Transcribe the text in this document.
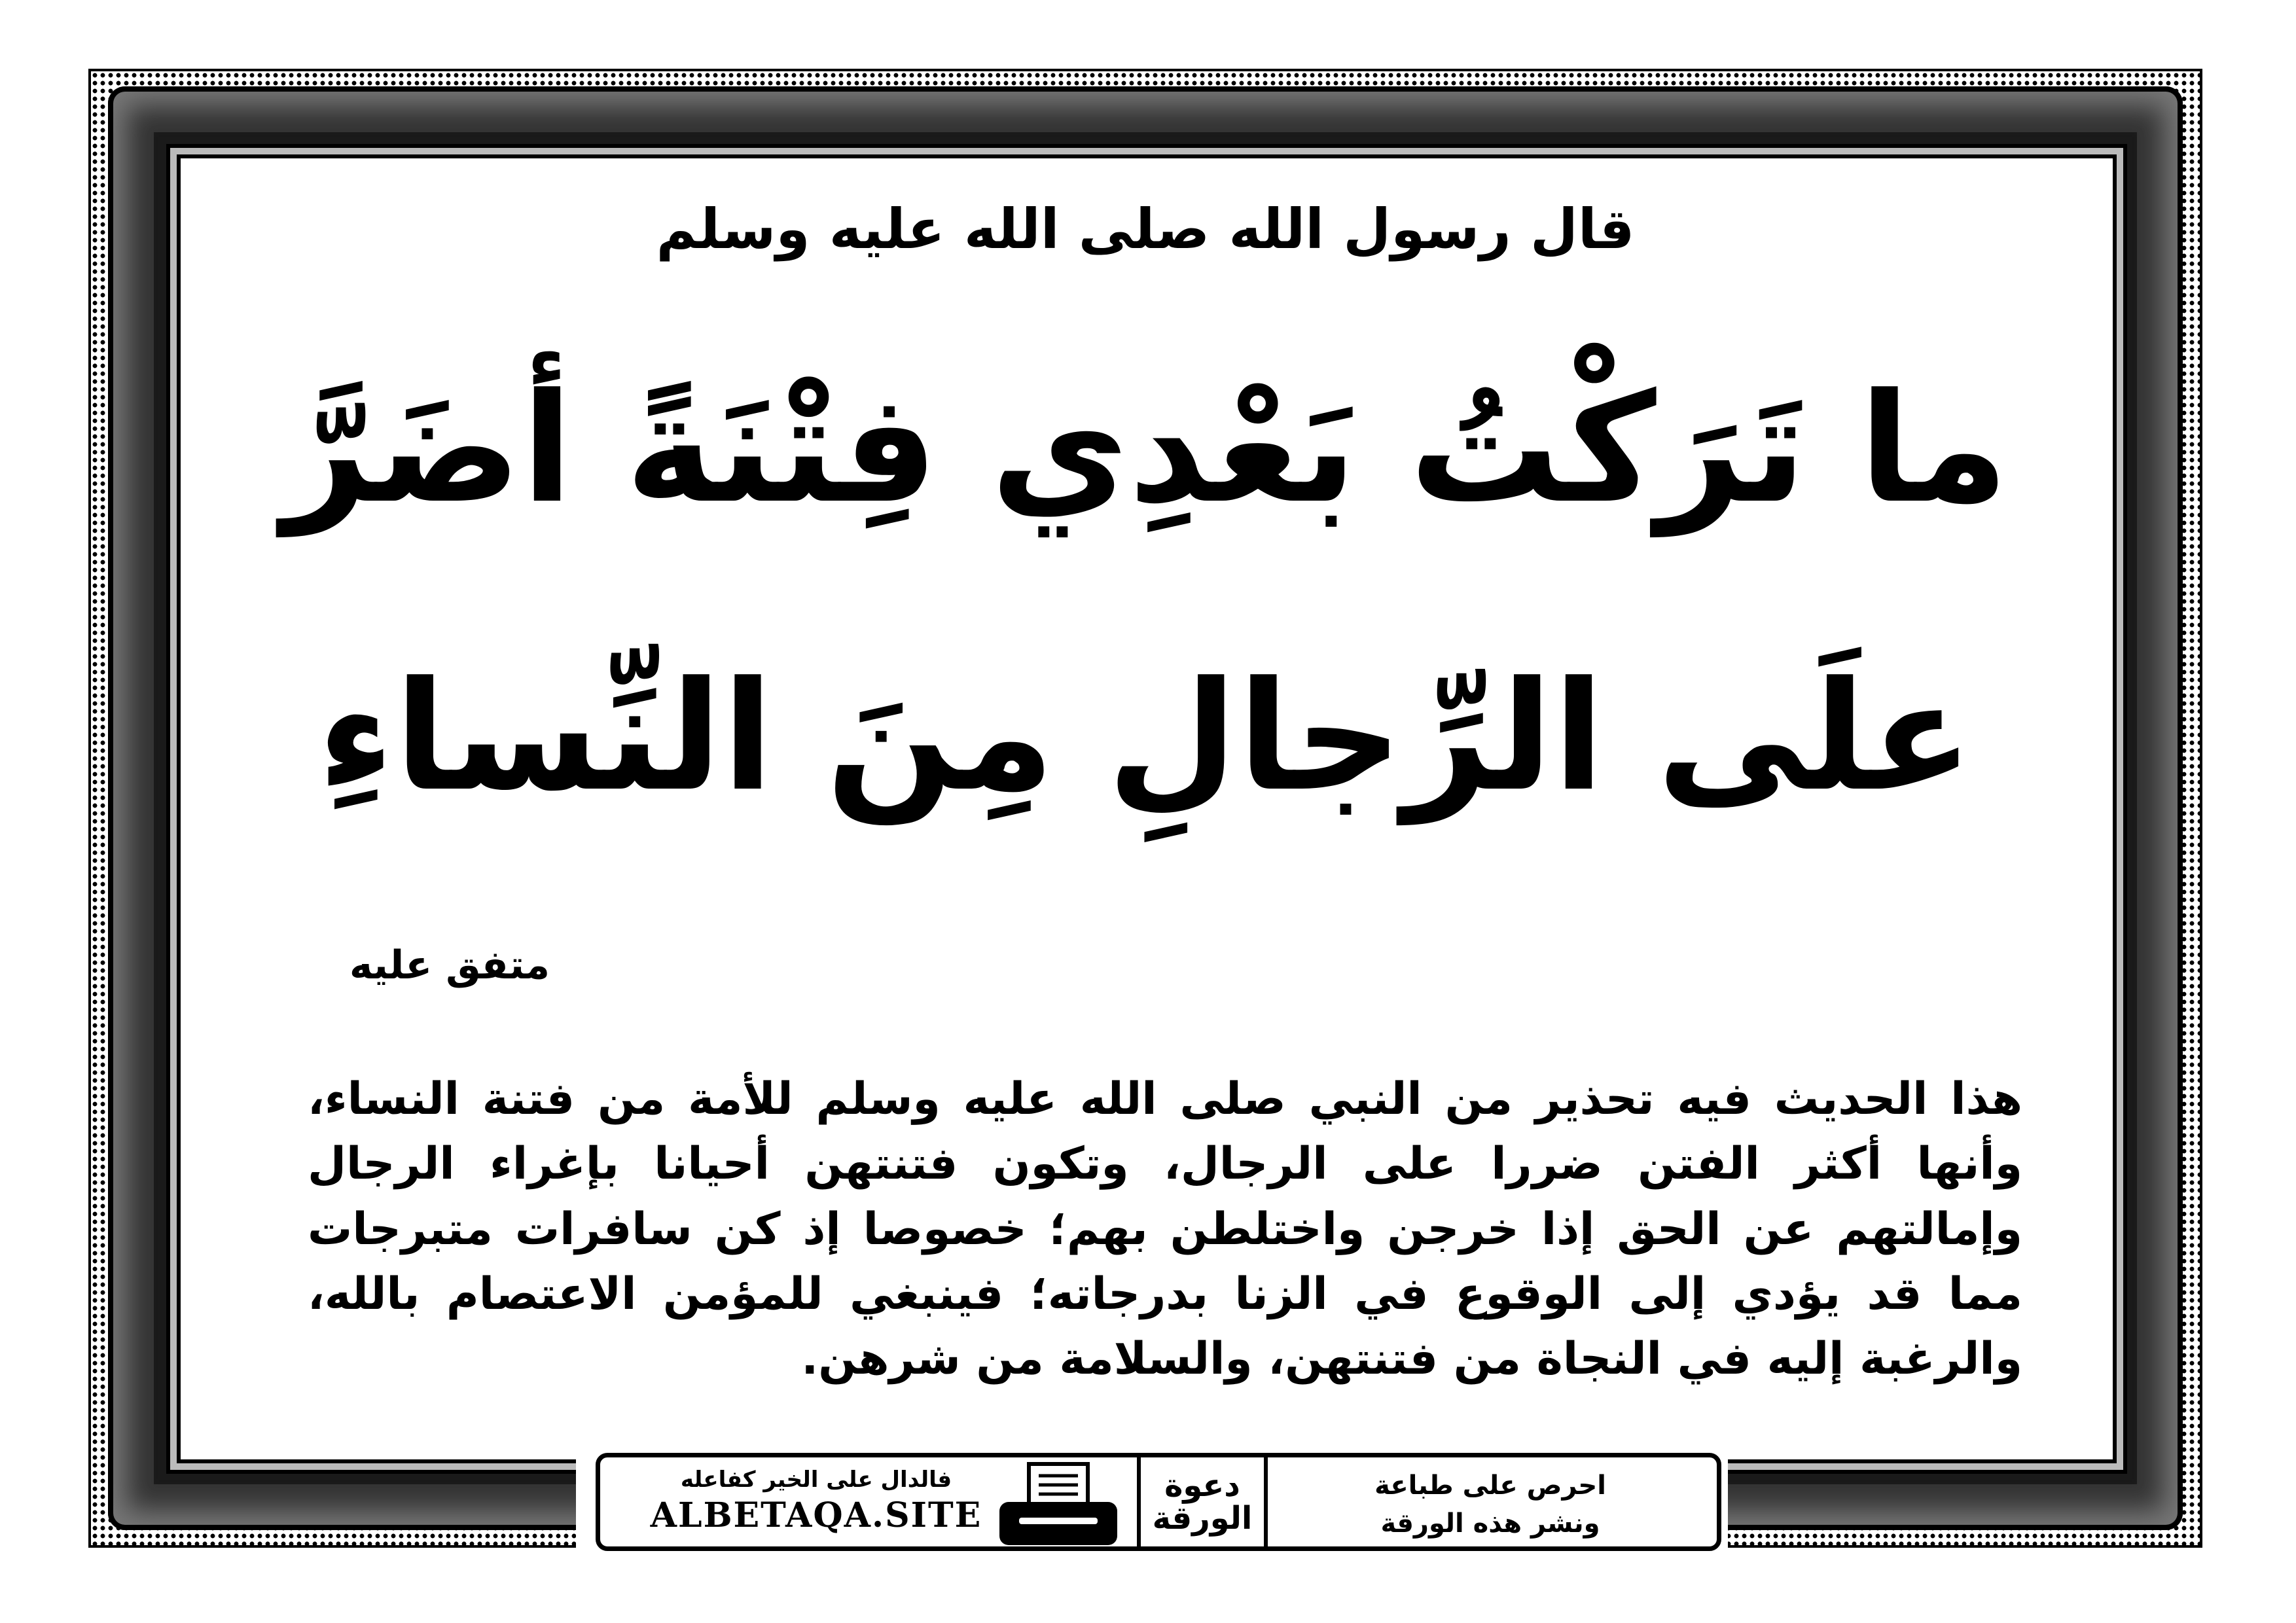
قال رسول الله صلى الله عليه وسلم
ما تَرَكْتُ بَعْدِي فِتْنَةً أضَرَّ
علَى الرِّجالِ مِنَ النِّساءِ
متفق عليه
هذا الحديث فيه تحذير من النبي صلى الله عليه وسلم للأمة من فتنة النساء، وأنها أكثر الفتن ضررا على الرجال، وتكون فتنتهن أحيانا بإغراء الرجال وإمالتهم عن الحق إذا خرجن واختلطن بهم؛ خصوصا إذ كن سافرات متبرجات مما قد يؤدي إلى الوقوع في الزنا بدرجاته؛ فينبغي للمؤمن الاعتصام بالله، والرغبة إليه في النجاة من فتنتهن، والسلامة من شرهن.
فالدال على الخير كفاعله
ALBETAQA.SITE
دعوة
الورقة
احرص على طباعة
ونشر هذه الورقة
